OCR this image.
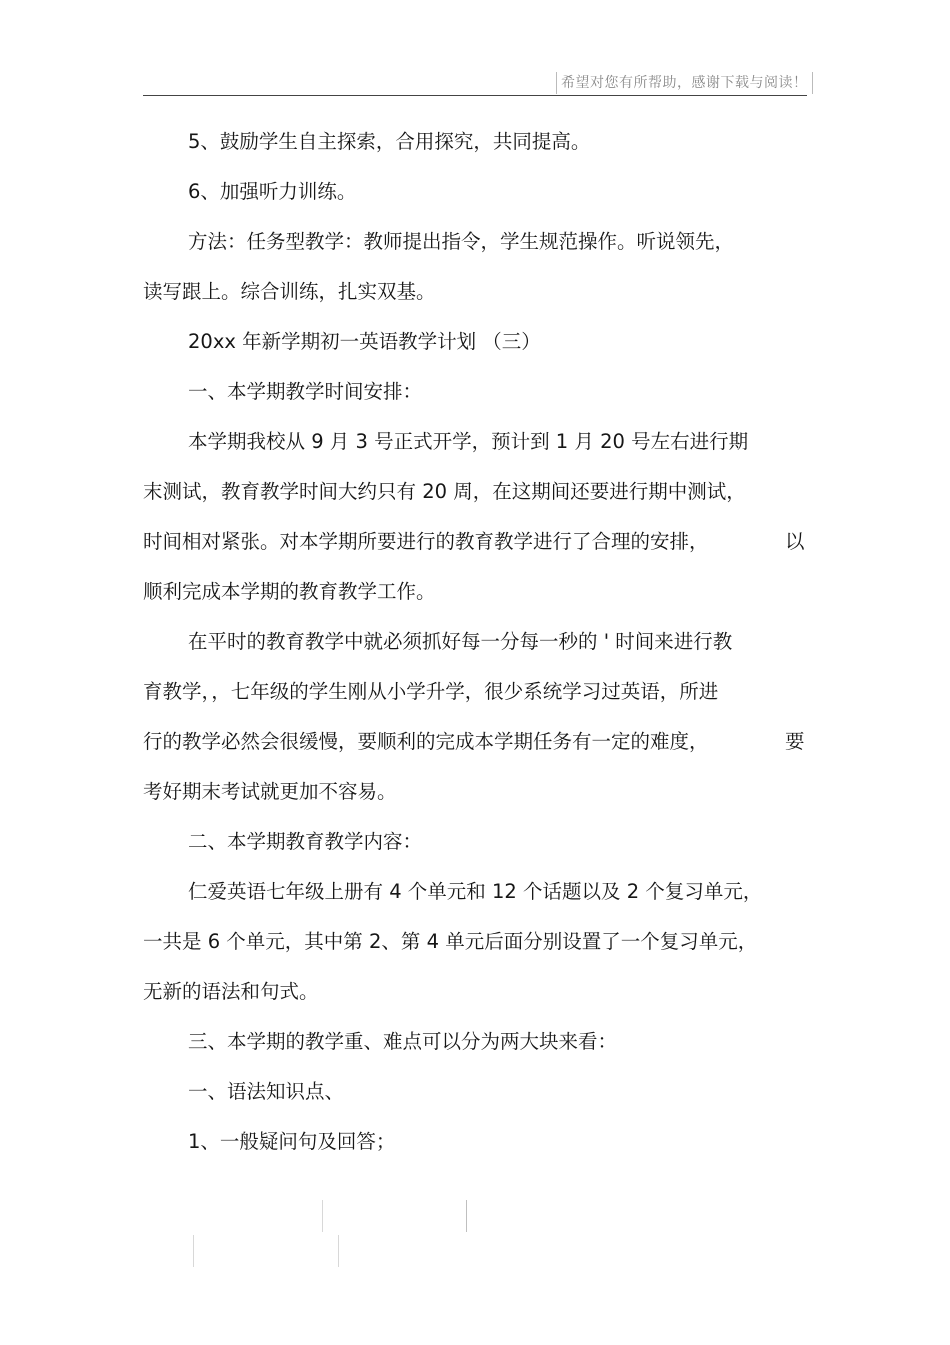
希望对您有所帮助，感谢下载与阅读！
5、鼓励学生自主探索，合用探究，共同提高。
6、加强听力训练。
方法：任务型教学：教师提出指令，学生规范操作。听说领先，
读写跟上。综合训练，扎实双基。
20xx 年新学期初一英语教学计划 （三）
一、本学期教学时间安排：
本学期我校从 9 月 3 号正式开学，预计到 1 月 20 号左右进行期
末测试，教育教学时间大约只有 20 周，在这期间还要进行期中测试，
时间相对紧张。对本学期所要进行的教育教学进行了合理的安排，	以
顺利完成本学期的教育教学工作。
在平时的教育教学中就必须抓好每一分每一秒的 ' 时间来进行教
育教学，，七年级的学生刚从小学升学，很少系统学习过英语，所进
行的教学必然会很缓慢，要顺利的完成本学期任务有一定的难度，	要
考好期末考试就更加不容易。
二、本学期教育教学内容：
仁爱英语七年级上册有 4 个单元和 12 个话题以及 2 个复习单元，
一共是 6 个单元，其中第 2、第 4 单元后面分别设置了一个复习单元，
无新的语法和句式。
三、本学期的教学重、难点可以分为两大块来看：
一、语法知识点、
1、一般疑问句及回答；
